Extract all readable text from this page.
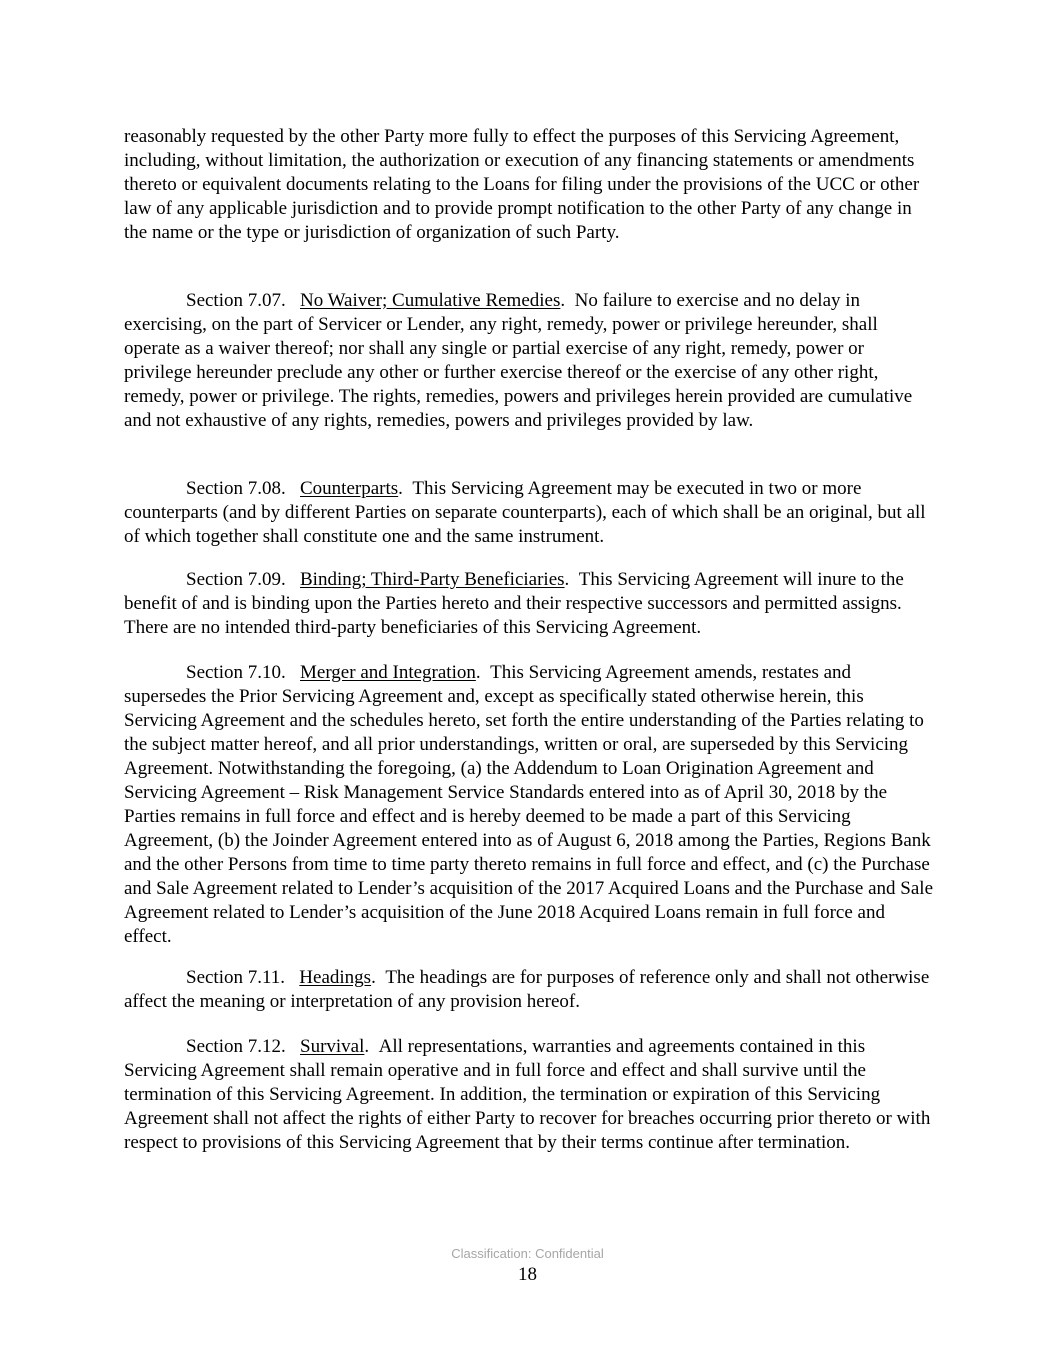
reasonably requested by the other Party more fully to effect the purposes of this Servicing Agreement, including, without limitation, the authorization or execution of any financing statements or amendments thereto or equivalent documents relating to the Loans for filing under the provisions of the UCC or other law of any applicable jurisdiction and to provide prompt notification to the other Party of any change in the name or the type or jurisdiction of organization of such Party.

Section 7.07. No Waiver; Cumulative Remedies.  No failure to exercise and no delay in exercising, on the part of Servicer or Lender, any right, remedy, power or privilege hereunder, shall operate as a waiver thereof; nor shall any single or partial exercise of any right, remedy, power or privilege hereunder preclude any other or further exercise thereof or the exercise of any other right, remedy, power or privilege. The rights, remedies, powers and privileges herein provided are cumulative and not exhaustive of any rights, remedies, powers and privileges provided by law.

Section 7.08. Counterparts.  This Servicing Agreement may be executed in two or more counterparts (and by different Parties on separate counterparts), each of which shall be an original, but all of which together shall constitute one and the same instrument.

Section 7.09. Binding; Third-Party Beneficiaries.  This Servicing Agreement will inure to the benefit of and is binding upon the Parties hereto and their respective successors and permitted assigns. There are no intended third-party beneficiaries of this Servicing Agreement.

Section 7.10. Merger and Integration.  This Servicing Agreement amends, restates and supersedes the Prior Servicing Agreement and, except as specifically stated otherwise herein, this Servicing Agreement and the schedules hereto, set forth the entire understanding of the Parties relating to the subject matter hereof, and all prior understandings, written or oral, are superseded by this Servicing Agreement. Notwithstanding the foregoing, (a) the Addendum to Loan Origination Agreement and Servicing Agreement – Risk Management Service Standards entered into as of April 30, 2018 by the Parties remains in full force and effect and is hereby deemed to be made a part of this Servicing Agreement, (b) the Joinder Agreement entered into as of August 6, 2018 among the Parties, Regions Bank and the other Persons from time to time party thereto remains in full force and effect, and (c) the Purchase and Sale Agreement related to Lender’s acquisition of the 2017 Acquired Loans and the Purchase and Sale Agreement related to Lender’s acquisition of the June 2018 Acquired Loans remain in full force and effect.

Section 7.11. Headings.  The headings are for purposes of reference only and shall not otherwise affect the meaning or interpretation of any provision hereof.

Section 7.12. Survival.  All representations, warranties and agreements contained in this Servicing Agreement shall remain operative and in full force and effect and shall survive until the termination of this Servicing Agreement. In addition, the termination or expiration of this Servicing Agreement shall not affect the rights of either Party to recover for breaches occurring prior thereto or with respect to provisions of this Servicing Agreement that by their terms continue after termination.

Classification: Confidential
18
